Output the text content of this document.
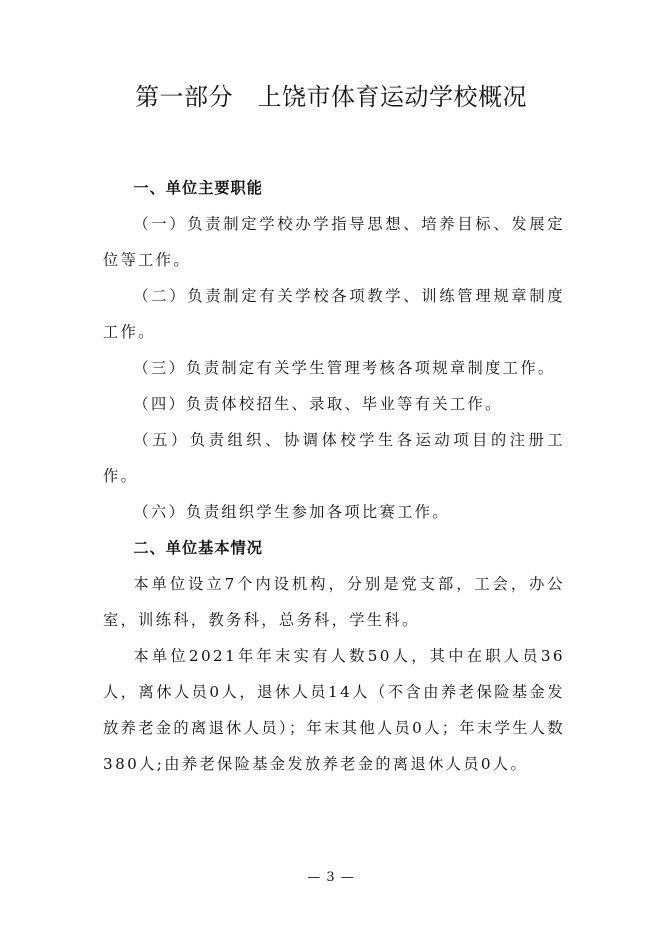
第一部分　上饶市体育运动学校概况
一、单位主要职能

（一）负责制定学校办学指导思想、培养目标、发展定位等工作。

（二）负责制定有关学校各项教学、训练管理规章制度工作。

（三）负责制定有关学生管理考核各项规章制度工作。

（四）负责体校招生、录取、毕业等有关工作。

（五）负责组织、协调体校学生各运动项目的注册工作。

（六）负责组织学生参加各项比赛工作。

二、单位基本情况

本单位设立7个内设机构，分别是党支部，工会，办公室，训练科，教务科，总务科，学生科。

本单位2021年年末实有人数50人，其中在职人员36人，离休人员0人，退休人员14人（不含由养老保险基金发放养老金的离退休人员）；年末其他人员0人；年末学生人数380人;由养老保险基金发放养老金的离退休人员0人。

— 3 —
